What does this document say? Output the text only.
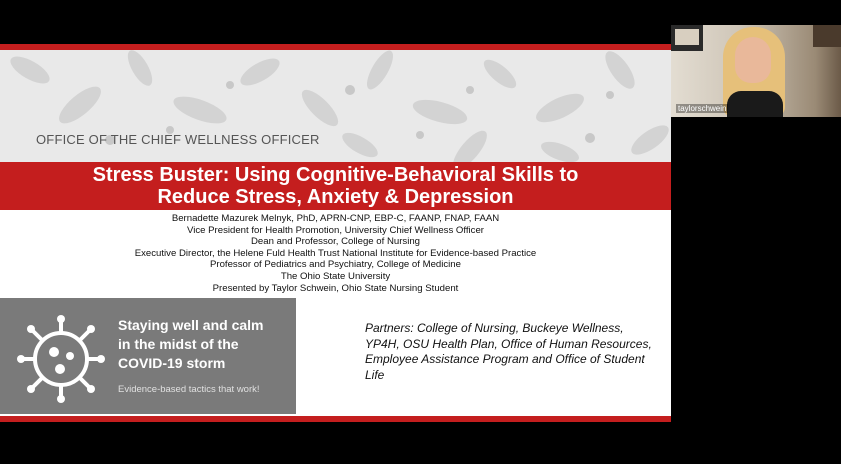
OFFICE OF THE CHIEF WELLNESS OFFICER
Stress Buster: Using Cognitive-Behavioral Skills to
Reduce Stress, Anxiety & Depression
Bernadette Mazurek Melnyk, PhD, APRN-CNP, EBP-C, FAANP, FNAP, FAAN
Vice President for Health Promotion, University Chief Wellness Officer
Dean and Professor, College of Nursing
Executive Director, the Helene Fuld Health Trust National Institute for Evidence-based Practice
Professor of Pediatrics and Psychiatry, College of Medicine
The Ohio State University
Presented by Taylor Schwein, Ohio State Nursing Student
Staying well and calm
in the midst of the
COVID-19 storm
Evidence-based tactics that work!
Partners: College of Nursing, Buckeye Wellness, YP4H, OSU Health Plan, Office of Human Resources, Employee Assistance Program and Office of Student Life
taylorschwein
